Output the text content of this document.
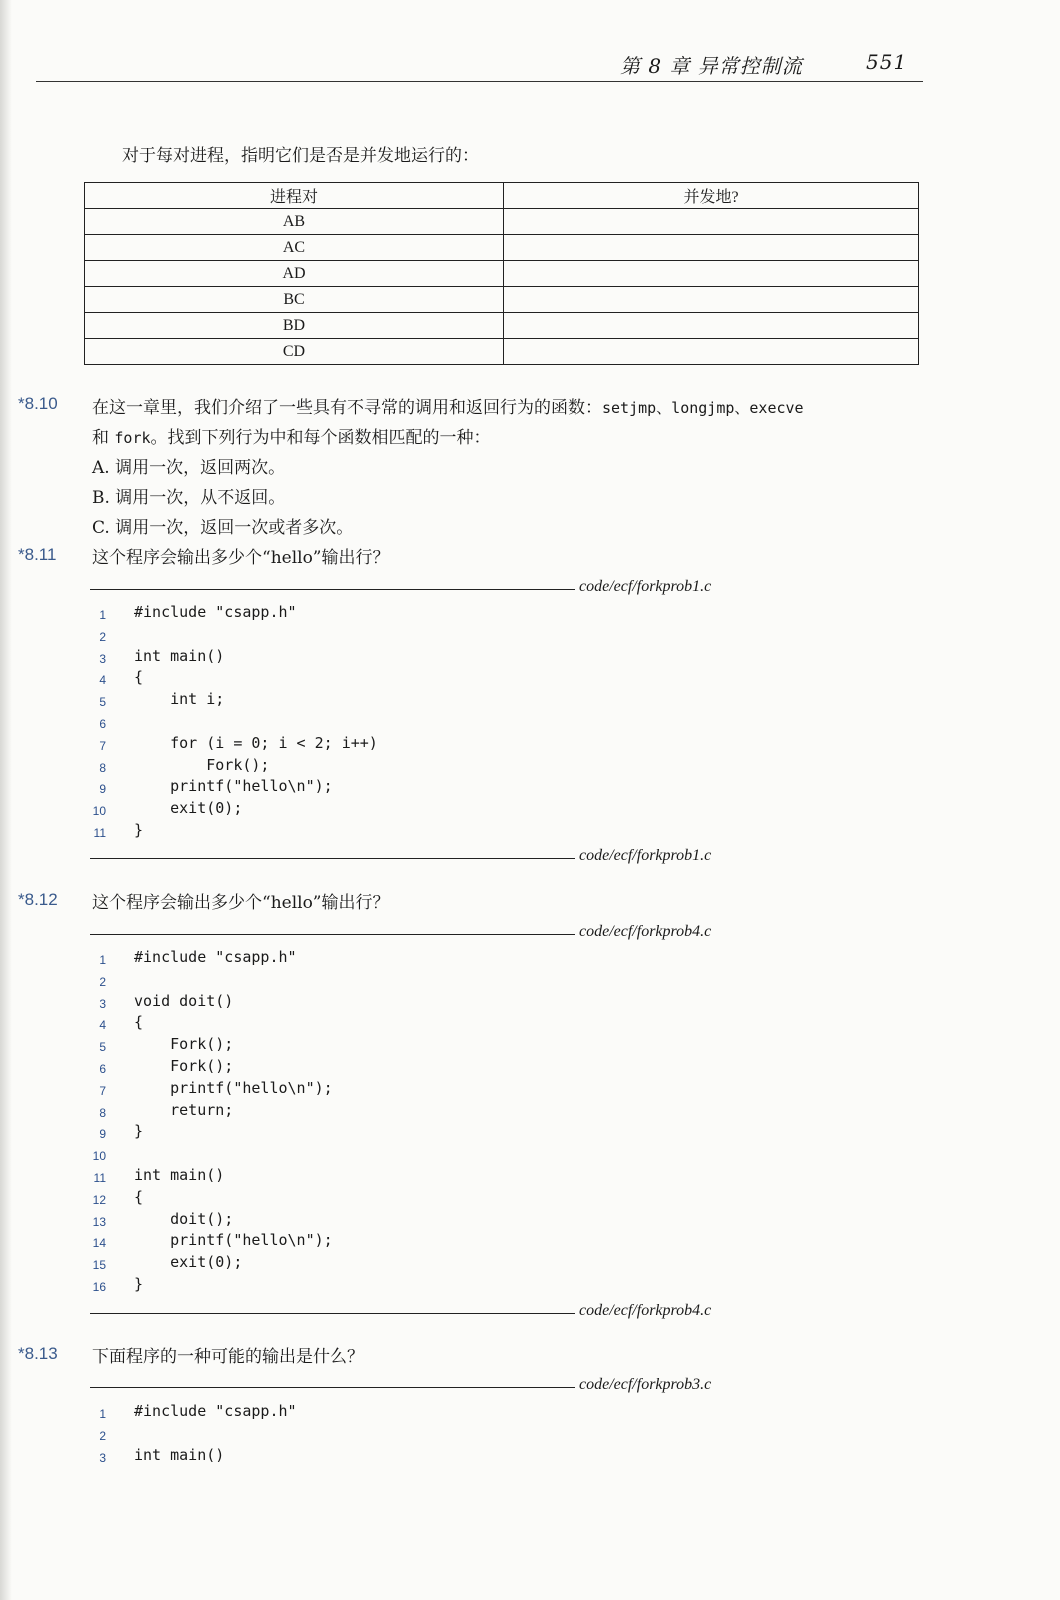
第 8 章 异常控制流	551
对于每对进程，指明它们是否是并发地运行的：
进程对	并发地?
AB	
AC	
AD	
BC	
BD	
CD	
*8.10 在这一章里，我们介绍了一些具有不寻常的调用和返回行为的函数：setjmp、longjmp、execve
和 fork。找到下列行为中和每个函数相匹配的一种：
A. 调用一次，返回两次。
B. 调用一次，从不返回。
C. 调用一次，返回一次或者多次。
*8.11 这个程序会输出多少个“hello”输出行？
code/ecf/forkprob1.c
1 #include "csapp.h"
2
3 int main()
4 {
5 int i;
6
7 for (i = 0; i < 2; i++)
8 Fork();
9 printf("hello\n");
10 exit(0);
11 }
code/ecf/forkprob1.c
*8.12 这个程序会输出多少个“hello”输出行？
code/ecf/forkprob4.c
1 #include "csapp.h"
2
3 void doit()
4 {
5 Fork();
6 Fork();
7 printf("hello\n");
8 return;
9 }
10
11 int main()
12 {
13 doit();
14 printf("hello\n");
15 exit(0);
16 }
code/ecf/forkprob4.c
*8.13 下面程序的一种可能的输出是什么？
code/ecf/forkprob3.c
1 #include "csapp.h"
2
3 int main()
